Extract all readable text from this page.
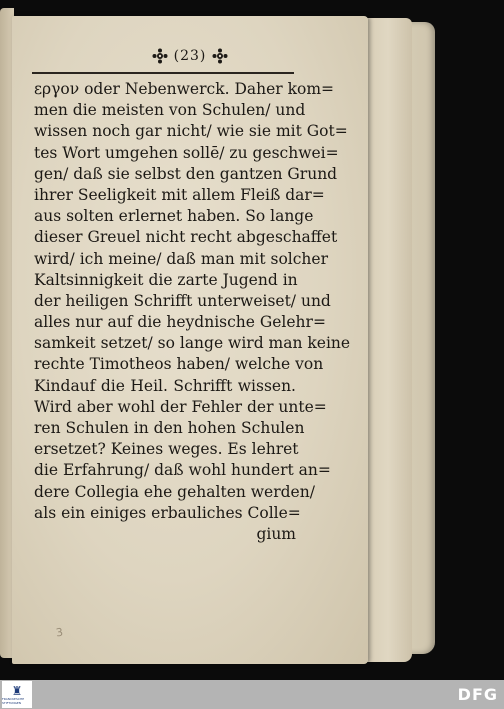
(23)
εργον oder Nebenwerck. Daher kom=
men die meisten von Schulen/ und
wissen noch gar nicht/ wie sie mit Got=
tes Wort umgehen sollē/ zu geschwei=
gen/ daß sie selbst den gantzen Grund
ihrer Seeligkeit mit allem Fleiß dar=
aus solten erlernet haben. So lange
dieser Greuel nicht recht abgeschaffet
wird/ ich meine/ daß man mit solcher
Kaltsinnigkeit die zarte Jugend in
der heiligen Schrifft unterweiset/ und
alles nur auf die heydnische Gelehr=
samkeit setzet/ so lange wird man keine
rechte Timotheos haben/ welche von
Kindauf die Heil. Schrifft wissen.
Wird aber wohl der Fehler der unte=
ren Schulen in den hohen Schulen
ersetzet? Keines weges. Es lehret
die Erfahrung/ daß wohl hundert an=
dere Collegia ehe gehalten werden/
als ein einiges erbauliches Colle=
gium
3
♜
FRANCKESCHE STIFTUNGEN	DFG
